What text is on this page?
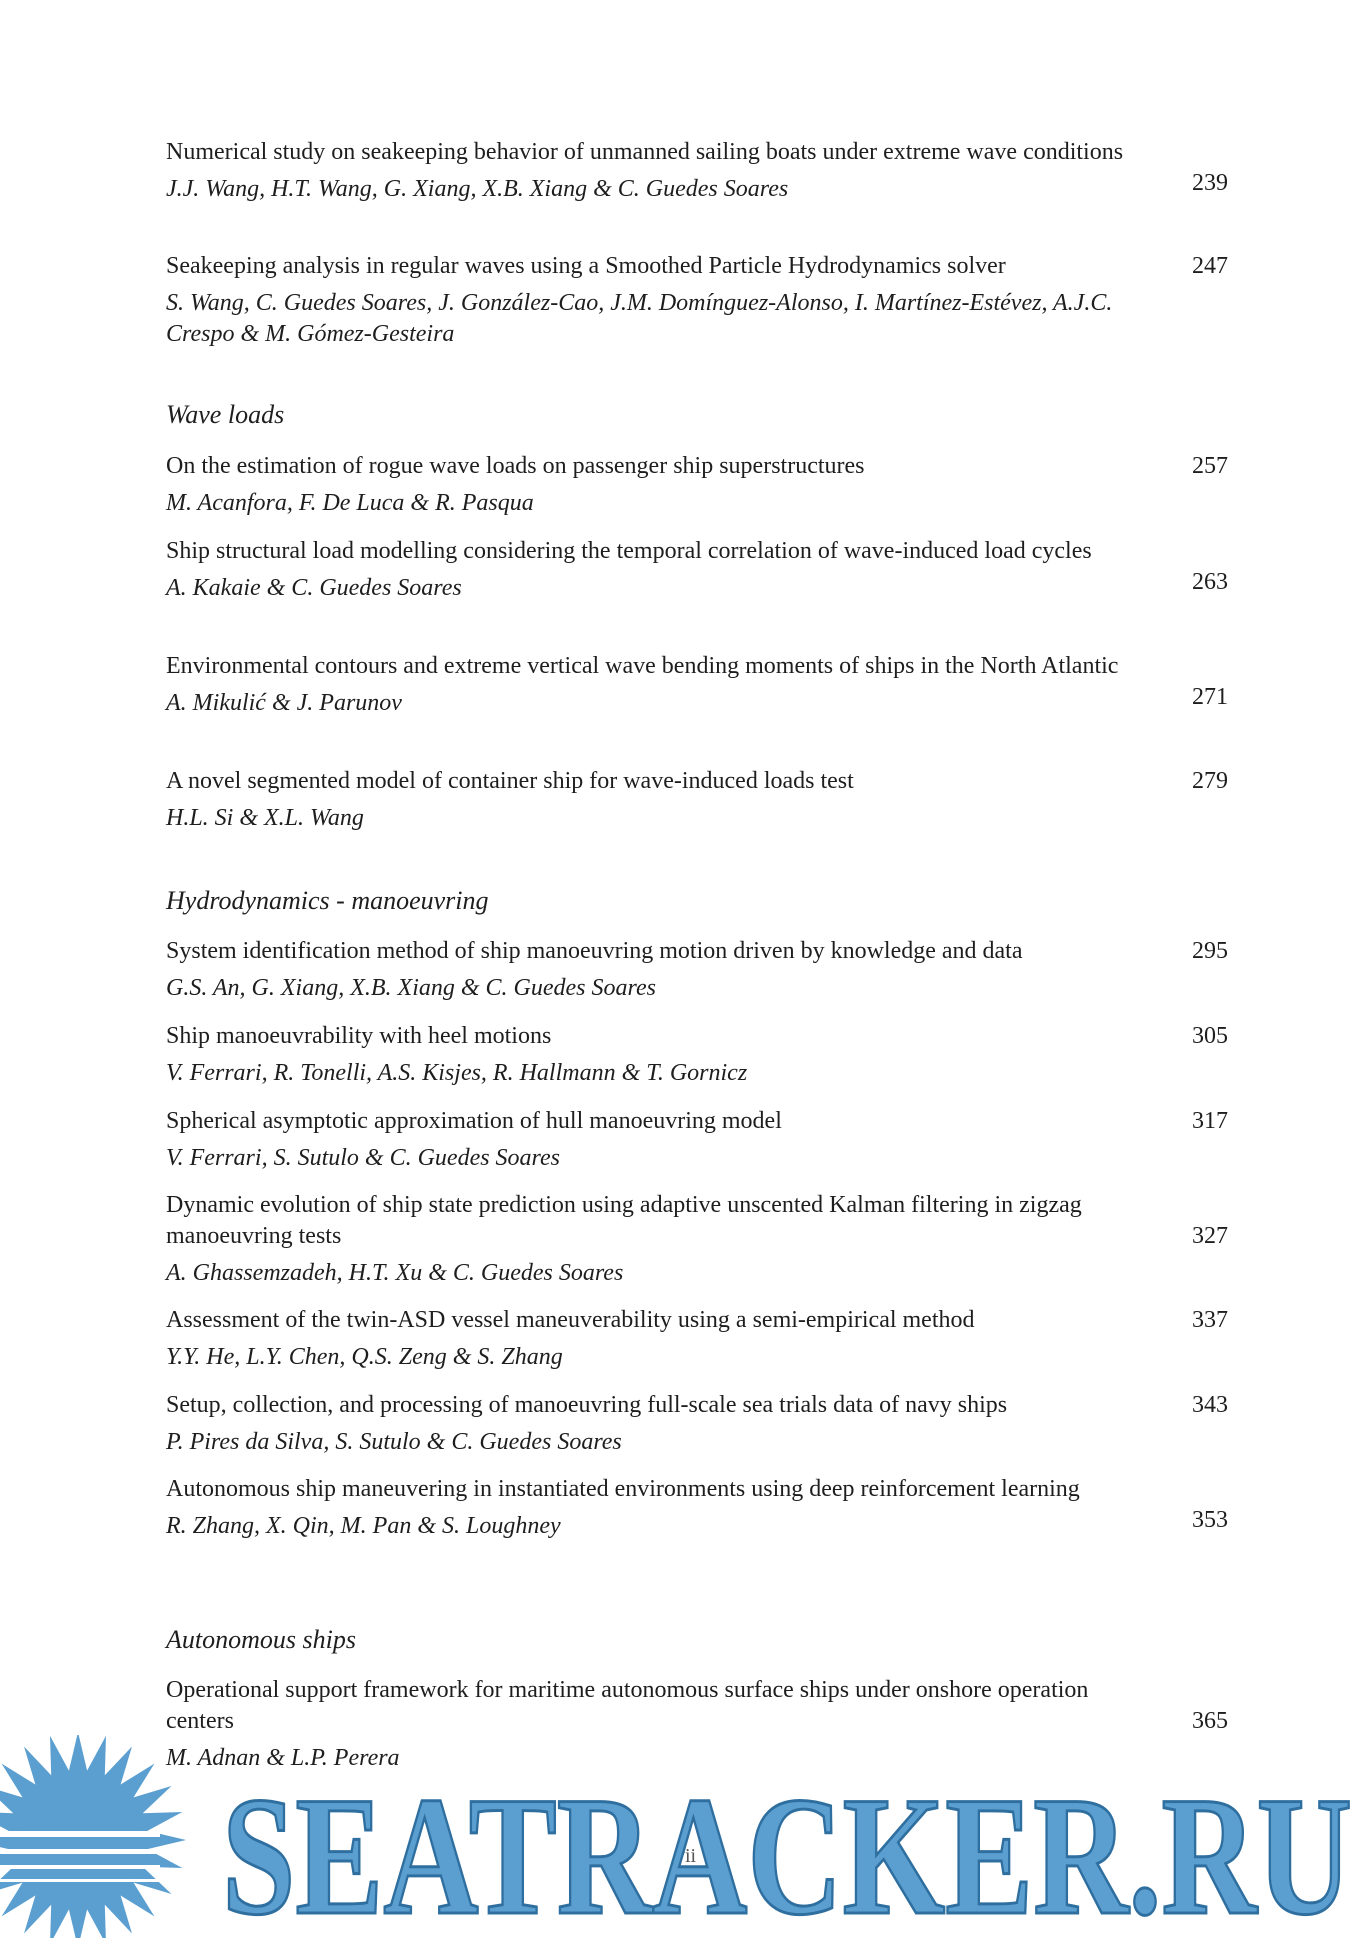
Numerical study on seakeeping behavior of unmanned sailing boats under extreme wave conditions
J.J. Wang, H.T. Wang, G. Xiang, X.B. Xiang & C. Guedes Soares	239
Seakeeping analysis in regular waves using a Smoothed Particle Hydrodynamics solver
S. Wang, C. Guedes Soares, J. González-Cao, J.M. Domínguez-Alonso, I. Martínez-Estévez, A.J.C. Crespo & M. Gómez-Gesteira
247
Wave loads
On the estimation of rogue wave loads on passenger ship superstructures
M. Acanfora, F. De Luca & R. Pasqua
257
Ship structural load modelling considering the temporal correlation of wave-induced load cycles
A. Kakaie & C. Guedes Soares	263
Environmental contours and extreme vertical wave bending moments of ships in the North Atlantic
A. Mikulić & J. Parunov	271
A novel segmented model of container ship for wave-induced loads test
H.L. Si & X.L. Wang
279
Hydrodynamics - manoeuvring
System identification method of ship manoeuvring motion driven by knowledge and data
G.S. An, G. Xiang, X.B. Xiang & C. Guedes Soares
295
Ship manoeuvrability with heel motions
V. Ferrari, R. Tonelli, A.S. Kisjes, R. Hallmann & T. Gornicz
305
Spherical asymptotic approximation of hull manoeuvring model
V. Ferrari, S. Sutulo & C. Guedes Soares
317
Dynamic evolution of ship state prediction using adaptive unscented Kalman filtering in zigzag manoeuvring tests
A. Ghassemzadeh, H.T. Xu & C. Guedes Soares
327
Assessment of the twin-ASD vessel maneuverability using a semi-empirical method
Y.Y. He, L.Y. Chen, Q.S. Zeng & S. Zhang
337
Setup, collection, and processing of manoeuvring full-scale sea trials data of navy ships
P. Pires da Silva, S. Sutulo & C. Guedes Soares
343
Autonomous ship maneuvering in instantiated environments using deep reinforcement learning
R. Zhang, X. Qin, M. Pan & S. Loughney	353
Autonomous ships
Operational support framework for maritime autonomous surface ships under onshore operation centers
M. Adnan & L.P. Perera
365
vii
SEATRACKER.RU
